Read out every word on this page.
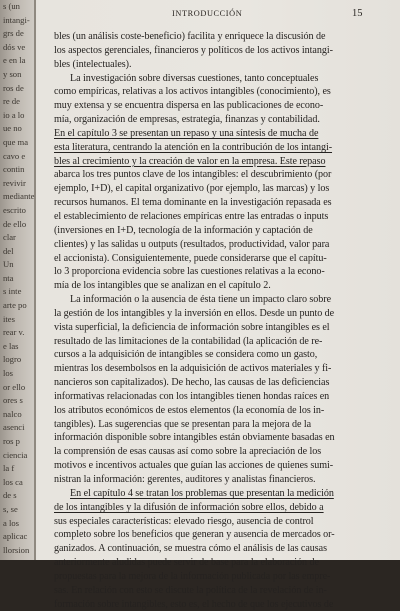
s (un
intangi-
grs de
dós ve
e en la
y son
ros de
re de
io a lo
ue no
que ma
cavo e
contin
revivir
mediante
escrito
de ello
clar
del
Un
nta
s inte
arte po
ites
rear v.
e las
logro
los
or ello
ores s
nalco
asenci
ros p
ciencia
la f
los ca
de s
s, se
a los
aplicac
llorsion
INTRODUCCIÓN	15
bles (un análisis coste-beneficio) facilita y enriquece la discusión de
los aspectos gerenciales, financieros y políticos de los activos intangi-
bles (intelectuales).
La investigación sobre diversas cuestiones, tanto conceptuales
como empíricas, relativas a los activos intangibles (conocimiento), es
muy extensa y se encuentra dispersa en las publicaciones de econo-
mía, organización de empresas, estrategia, finanzas y contabilidad.
En el capítulo 3 se presentan un repaso y una síntesis de mucha de
esta literatura, centrando la atención en la contribución de los intangi-
bles al crecimiento y la creación de valor en la empresa. Este repaso
abarca los tres puntos clave de los intangibles: el descubrimiento (por
ejemplo, I+D), el capital organizativo (por ejemplo, las marcas) y los
recursos humanos. El tema dominante en la investigación repasada es
el establecimiento de relaciones empíricas entre las entradas o inputs
(inversiones en I+D, tecnología de la información y captación de
clientes) y las salidas u outputs (resultados, productividad, valor para
el accionista). Consiguientemente, puede considerarse que el capítu-
lo 3 proporciona evidencia sobre las cuestiones relativas a la econo-
mía de los intangibles que se analizan en el capítulo 2.
La información o la ausencia de ésta tiene un impacto claro sobre
la gestión de los intangibles y la inversión en ellos. Desde un punto de
vista superficial, la deficiencia de información sobre intangibles es el
resultado de las limitaciones de la contabilidad (la aplicación de re-
cursos a la adquisición de intangibles se considera como un gasto,
mientras los desembolsos en la adquisición de activos materiales y fi-
nancieros son capitalizados). De hecho, las causas de las deficiencias
informativas relacionadas con los intangibles tienen hondas raíces en
los atributos económicos de estos elementos (la economía de los in-
tangibles). Las sugerencias que se presentan para la mejora de la
información disponible sobre intangibles están obviamente basadas en
la comprensión de esas causas así como sobre la apreciación de los
motivos e incentivos actuales que guían las acciones de quienes sumi-
nistran la información: gerentes, auditores y analistas financieros.
En el capítulo 4 se tratan los problemas que presentan la medición
de los intangibles y la difusión de información sobre ellos, debido a
sus especiales características: elevado riesgo, ausencia de control
completo sobre los beneficios que generan y ausencia de mercados or-
ganizados. A continuación, se muestra cómo el análisis de las causas
anteriormente aludidas puede servir de base para la elaboración de
propuestas para la mejora de la información publicada por las empre-
sas. En relación con esto se discute la política de la revelación de in-
formación sobre intangibles, esto es, el hecho de que los ejecutivos de
